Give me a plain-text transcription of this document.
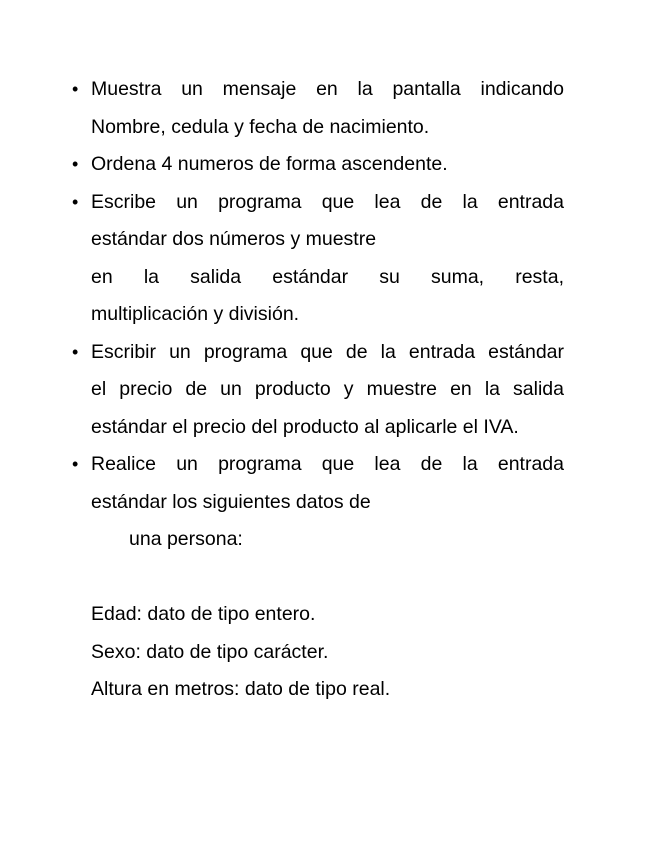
• Muestra un mensaje en la pantalla indicando
Nombre, cedula y fecha de nacimiento.
• Ordena 4 numeros de forma ascendente.
• Escribe un programa que lea de la entrada
estándar dos números y muestre
en la salida estándar su suma, resta,
multiplicación y división.
• Escribir un programa que de la entrada estándar
el precio de un producto y muestre en la salida
estándar el precio del producto al aplicarle el IVA.
• Realice un programa que lea de la entrada
estándar los siguientes datos de
una persona:
Edad: dato de tipo entero.
Sexo: dato de tipo carácter.
Altura en metros: dato de tipo real.
